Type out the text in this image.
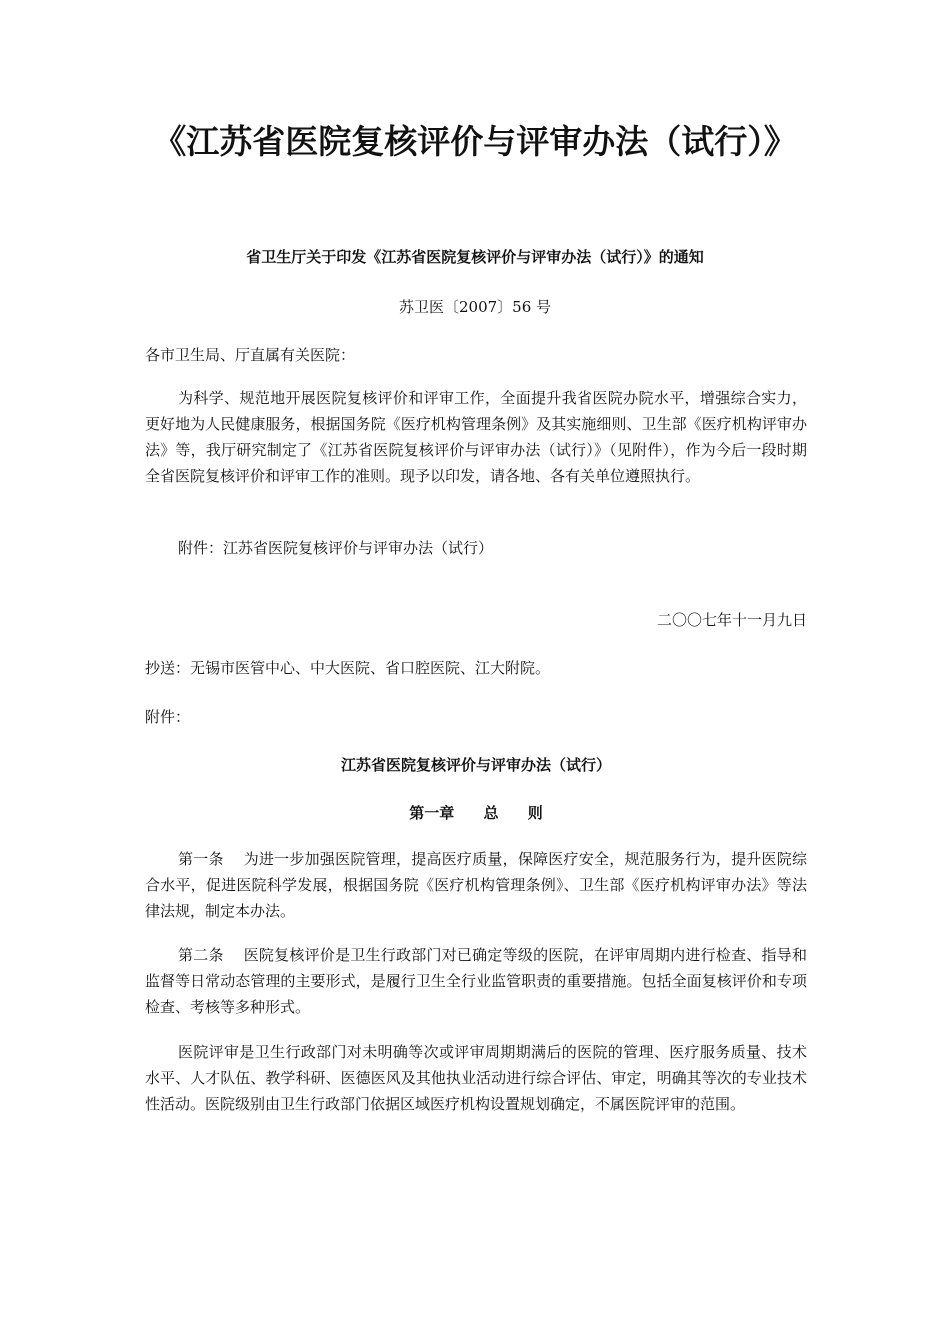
《江苏省医院复核评价与评审办法（试行）》

省卫生厅关于印发《江苏省医院复核评价与评审办法（试行）》的通知

苏卫医〔2007〕56 号

各市卫生局、厅直属有关医院：

为科学、规范地开展医院复核评价和评审工作，全面提升我省医院办院水平，增强综合实力，更好地为人民健康服务，根据国务院《医疗机构管理条例》及其实施细则、卫生部《医疗机构评审办法》等，我厅研究制定了《江苏省医院复核评价与评审办法（试行）》（见附件），作为今后一段时期全省医院复核评价和评审工作的准则。现予以印发，请各地、各有关单位遵照执行。

附件：江苏省医院复核评价与评审办法（试行）

二〇〇七年十一月九日

抄送：无锡市医管中心、中大医院、省口腔医院、江大附院。

附件：

江苏省医院复核评价与评审办法（试行）

第一章 总 则

第一条 为进一步加强医院管理，提高医疗质量，保障医疗安全，规范服务行为，提升医院综合水平，促进医院科学发展，根据国务院《医疗机构管理条例》、卫生部《医疗机构评审办法》等法律法规，制定本办法。

第二条 医院复核评价是卫生行政部门对已确定等级的医院，在评审周期内进行检查、指导和监督等日常动态管理的主要形式，是履行卫生全行业监管职责的重要措施。包括全面复核评价和专项检查、考核等多种形式。

医院评审是卫生行政部门对未明确等次或评审周期期满后的医院的管理、医疗服务质量、技术水平、人才队伍、教学科研、医德医风及其他执业活动进行综合评估、审定，明确其等次的专业技术性活动。医院级别由卫生行政部门依据区域医疗机构设置规划确定，不属医院评审的范围。
